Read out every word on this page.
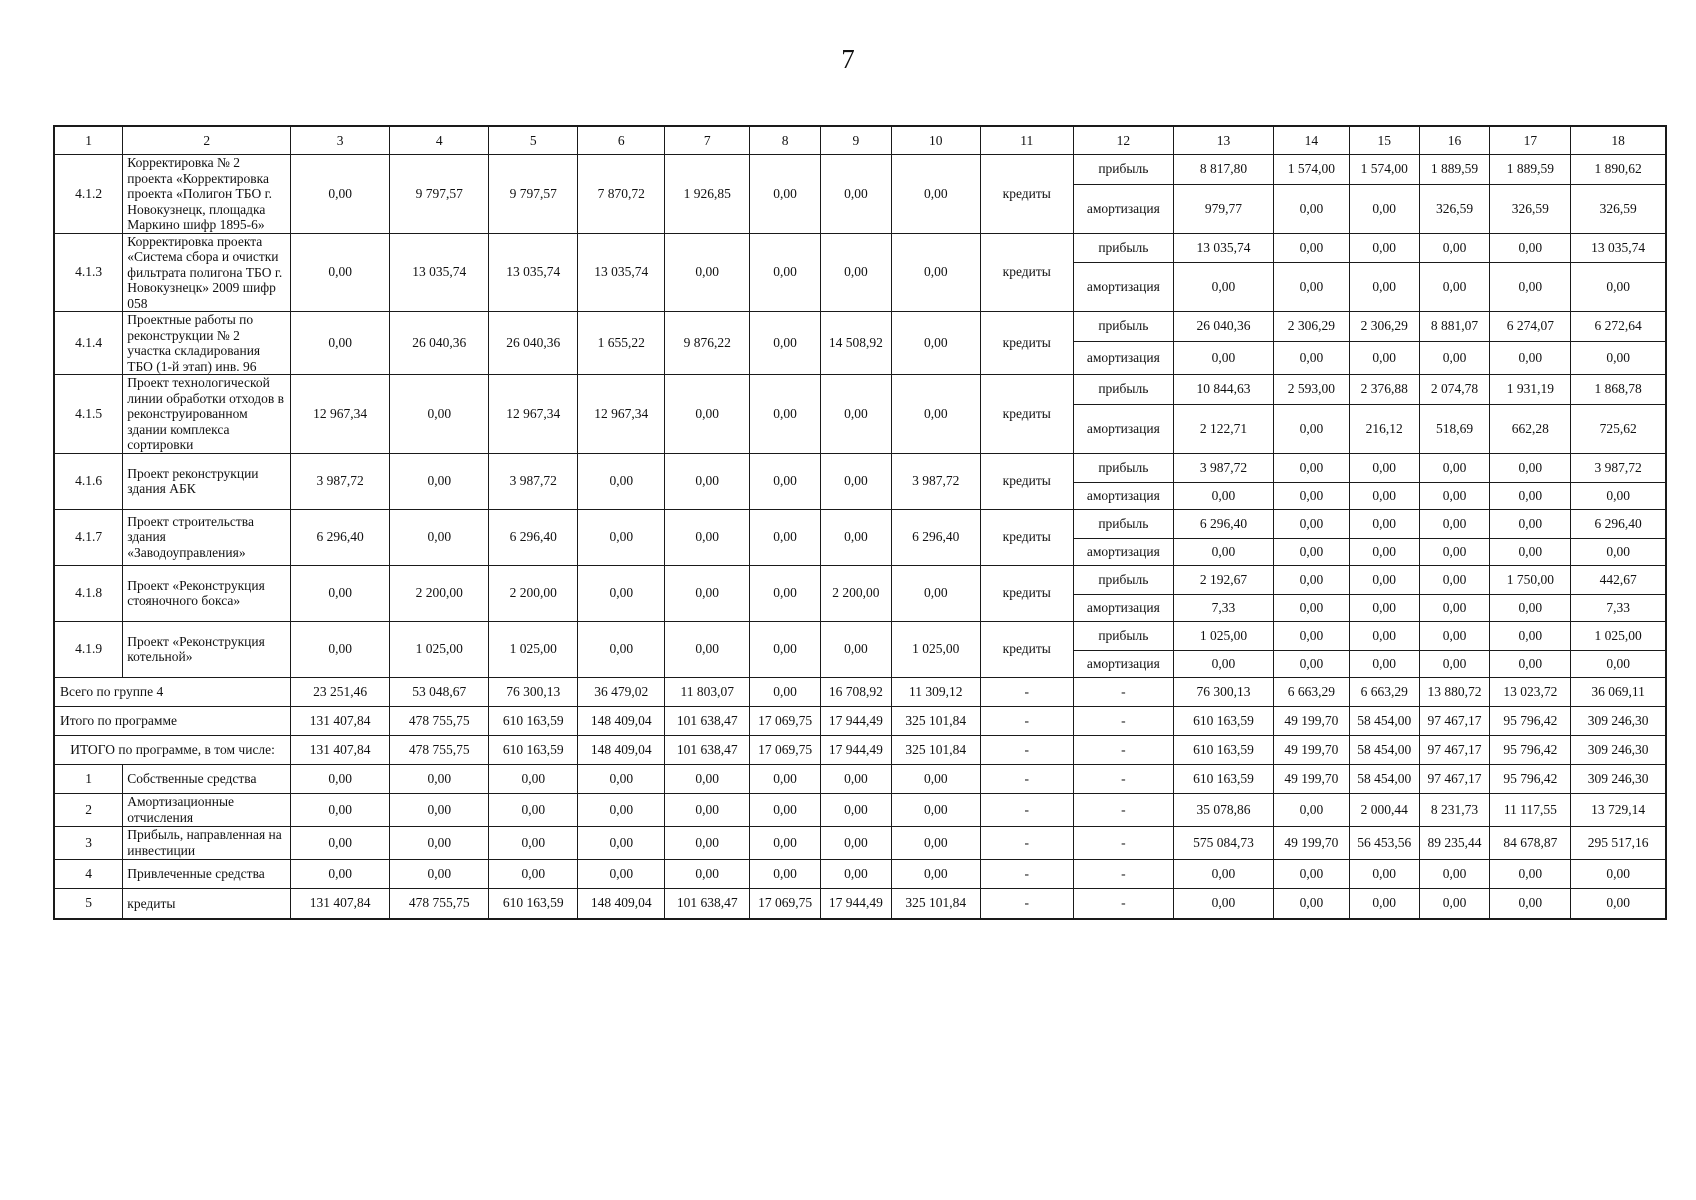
7
1	2	3	4	5	6	7	8	9	10	11	12	13	14	15	16	17	18
4.1.2	Корректировка № 2 проекта «Корректировка проекта «Полигон ТБО г. Новокузнецк, площадка Маркино шифр 1895-6»	0,00	9 797,57	9 797,57	7 870,72	1 926,85	0,00	0,00	0,00	кредиты	прибыль	8 817,80	1 574,00	1 574,00	1 889,59	1 889,59	1 890,62
											амортизация	979,77	0,00	0,00	326,59	326,59	326,59
4.1.3	Корректировка проекта «Система сбора и очистки фильтрата полигона ТБО г. Новокузнецк» 2009 шифр 058	0,00	13 035,74	13 035,74	13 035,74	0,00	0,00	0,00	0,00	кредиты	прибыль	13 035,74	0,00	0,00	0,00	0,00	13 035,74
											амортизация	0,00	0,00	0,00	0,00	0,00	0,00
4.1.4	Проектные работы по реконструкции № 2 участка складирования ТБО (1-й этап) инв. 96	0,00	26 040,36	26 040,36	1 655,22	9 876,22	0,00	14 508,92	0,00	кредиты	прибыль	26 040,36	2 306,29	2 306,29	8 881,07	6 274,07	6 272,64
											амортизация	0,00	0,00	0,00	0,00	0,00	0,00
4.1.5	Проект технологической линии обработки отходов в реконструированном здании комплекса сортировки	12 967,34	0,00	12 967,34	12 967,34	0,00	0,00	0,00	0,00	кредиты	прибыль	10 844,63	2 593,00	2 376,88	2 074,78	1 931,19	1 868,78
											амортизация	2 122,71	0,00	216,12	518,69	662,28	725,62
4.1.6	Проект реконструкции здания АБК	3 987,72	0,00	3 987,72	0,00	0,00	0,00	0,00	3 987,72	кредиты	прибыль	3 987,72	0,00	0,00	0,00	0,00	3 987,72
											амортизация	0,00	0,00	0,00	0,00	0,00	0,00
4.1.7	Проект строительства здания «Заводоуправления»	6 296,40	0,00	6 296,40	0,00	0,00	0,00	0,00	6 296,40	кредиты	прибыль	6 296,40	0,00	0,00	0,00	0,00	6 296,40
											амортизация	0,00	0,00	0,00	0,00	0,00	0,00
4.1.8	Проект «Реконструкция стояночного бокса»	0,00	2 200,00	2 200,00	0,00	0,00	0,00	2 200,00	0,00	кредиты	прибыль	2 192,67	0,00	0,00	0,00	1 750,00	442,67
											амортизация	7,33	0,00	0,00	0,00	0,00	7,33
4.1.9	Проект «Реконструкция котельной»	0,00	1 025,00	1 025,00	0,00	0,00	0,00	0,00	1 025,00	кредиты	прибыль	1 025,00	0,00	0,00	0,00	0,00	1 025,00
											амортизация	0,00	0,00	0,00	0,00	0,00	0,00
Всего по группе 4		23 251,46	53 048,67	76 300,13	36 479,02	11 803,07	0,00	16 708,92	11 309,12	-	-	76 300,13	6 663,29	6 663,29	13 880,72	13 023,72	36 069,11
Итого по программе		131 407,84	478 755,75	610 163,59	148 409,04	101 638,47	17 069,75	17 944,49	325 101,84	-	-	610 163,59	49 199,70	58 454,00	97 467,17	95 796,42	309 246,30
ИТОГО по программе, в том числе:		131 407,84	478 755,75	610 163,59	148 409,04	101 638,47	17 069,75	17 944,49	325 101,84	-	-	610 163,59	49 199,70	58 454,00	97 467,17	95 796,42	309 246,30
1	Собственные средства	0,00	0,00	0,00	0,00	0,00	0,00	0,00	0,00	-	-	610 163,59	49 199,70	58 454,00	97 467,17	95 796,42	309 246,30
2	Амортизационные отчисления	0,00	0,00	0,00	0,00	0,00	0,00	0,00	0,00	-	-	35 078,86	0,00	2 000,44	8 231,73	11 117,55	13 729,14
3	Прибыль, направленная на инвестиции	0,00	0,00	0,00	0,00	0,00	0,00	0,00	0,00	-	-	575 084,73	49 199,70	56 453,56	89 235,44	84 678,87	295 517,16
4	Привлеченные средства	0,00	0,00	0,00	0,00	0,00	0,00	0,00	0,00	-	-	0,00	0,00	0,00	0,00	0,00	0,00
5	кредиты	131 407,84	478 755,75	610 163,59	148 409,04	101 638,47	17 069,75	17 944,49	325 101,84	-	-	0,00	0,00	0,00	0,00	0,00	0,00
